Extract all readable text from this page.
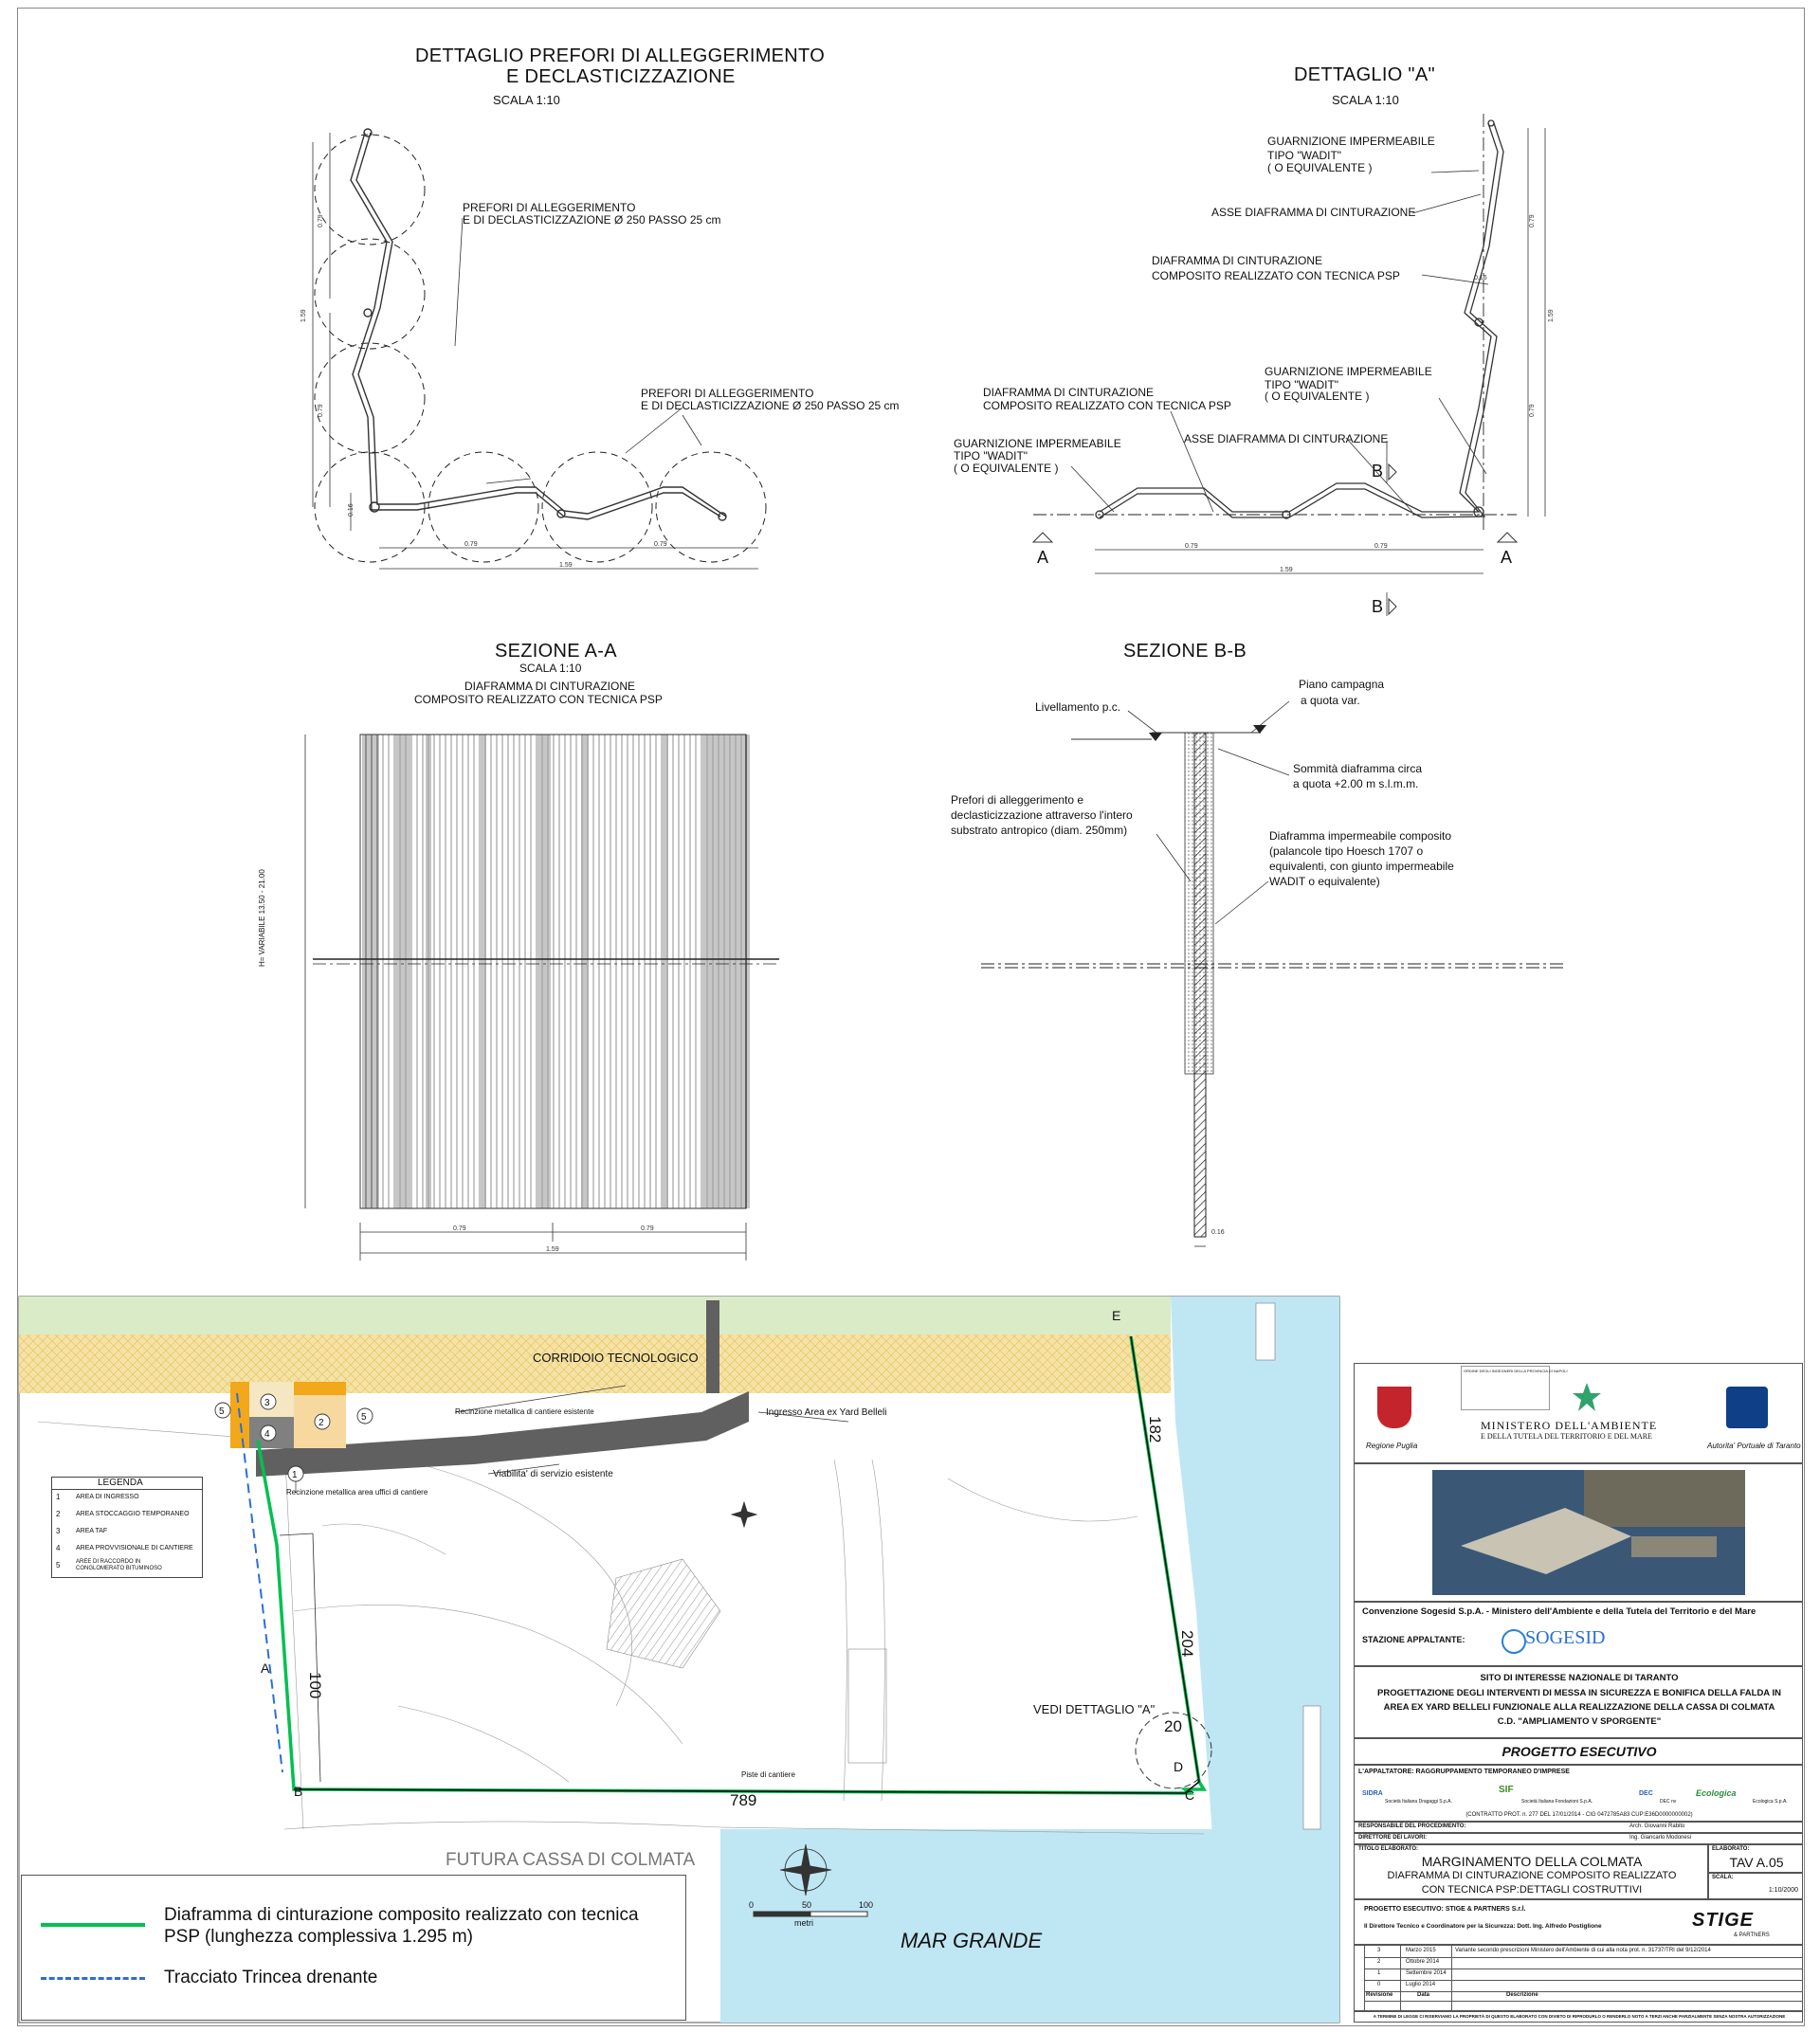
DETTAGLIO PREFORI DI ALLEGGERIMENTO
E DECLASTICIZZAZIONE
SCALA 1:10
PREFORI DI ALLEGGERIMENTO
E DI DECLASTICIZZAZIONE Ø 250 PASSO 25 cm
PREFORI DI ALLEGGERIMENTO
E DI DECLASTICIZZAZIONE Ø 250 PASSO 25 cm
0.79
1.59
0.79
0.16
0.79	0.79
1.59
DETTAGLIO "A"
SCALA 1:10
GUARNIZIONE IMPERMEABILE
TIPO "WADIT"
( O EQUIVALENTE )
ASSE DIAFRAMMA DI CINTURAZIONE
DIAFRAMMA DI CINTURAZIONE
COMPOSITO REALIZZATO CON TECNICA PSP
GUARNIZIONE IMPERMEABILE
TIPO "WADIT"
( O EQUIVALENTE )
DIAFRAMMA DI CINTURAZIONE
COMPOSITO REALIZZATO CON TECNICA PSP
ASSE DIAFRAMMA DI CINTURAZIONE
GUARNIZIONE IMPERMEABILE
TIPO "WADIT"
( O EQUIVALENTE )
A	A
B
B
0.79	0.79
1.59
0.79
0.16
1.59
0.79
SEZIONE A-A
SCALA 1:10
DIAFRAMMA DI CINTURAZIONE
COMPOSITO REALIZZATO CON TECNICA PSP
H= VARIABILE 13.50 - 21.00
0.79	0.79
1.59
SEZIONE B-B
Livellamento p.c.
Piano campagna
a quota var.
Sommità diaframma circa
a quota +2.00 m s.l.m.m.
Prefori di alleggerimento e
declasticizzazione attraverso l'intero
substrato antropico (diam. 250mm)	Diaframma impermeabile composito
(palancole tipo Hoesch 1707 o
equivalenti, con giunto impermeabile
WADIT o equivalente)
0.16
1
2
3
4
5
5
CORRIDOIO TECNOLOGICO
Recinzione metallica di cantiere esistente	Ingresso Area ex Yard Belleli
Viabilita' di servizio esistente
Recinzione metallica area uffici di cantiere
Piste di cantiere
VEDI DETTAGLIO "A"
FUTURA CASSA DI COLMATA
MAR GRANDE
0	50	100
metri
A
B	C
D
E
182
204
20
100
789
LEGENDA
1 AREA DI INGRESSO
2 AREA STOCCAGGIO TEMPORANEO
3 AREA TAF
4 AREA PROVVISIONALE DI CANTIERE
5	AREE DI RACCORDO IN CONGLOMERATO BITUMINOSO
Diaframma di cinturazione composito realizzato con tecnica
PSP (lunghezza complessiva 1.295 m)
Tracciato Trincea drenante
Regione Puglia
ORDINE DEGLI INGEGNERI DELLA PROVINCIA DI NAPOLI
MINISTERO DELL'AMBIENTE
E DELLA TUTELA DEL TERRITORIO E DEL MARE
Autorita' Portuale di Taranto
Convenzione Sogesid S.p.A. - Ministero dell'Ambiente e della Tutela del Territorio e del Mare
STAZIONE APPALTANTE:	SOGESID
SITO DI INTERESSE NAZIONALE DI TARANTO
PROGETTAZIONE DEGLI INTERVENTI DI MESSA IN SICUREZZA E BONIFICA DELLA FALDA IN
AREA EX YARD BELLELI FUNZIONALE ALLA REALIZZAZIONE DELLA CASSA DI COLMATA
C.D. "AMPLIAMENTO V SPORGENTE"
PROGETTO ESECUTIVO
L'APPALTATORE: RAGGRUPPAMENTO TEMPORANEO D'IMPRESE
SIDRA
Società Italiana Dragaggi S.p.A.
SIF
Società Italiana Fondazioni S.p.A.
DEC
DEC nv
Ecologica
Ecologica S.p.A.
(CONTRATTO PROT. n. 277 DEL 17/01/2014 - CIG 0472785A83 CUP:E36D0000000002)
RESPONSABILE DEL PROCEDIMENTO:	Arch. Giovanni Rabito
DIRETTORE DEI LAVORI:	Ing. Giancarlo Modonesi
TITOLO ELABORATO:
MARGINAMENTO DELLA COLMATA
DIAFRAMMA DI CINTURAZIONE COMPOSITO REALIZZATO
CON TECNICA PSP:DETTAGLI COSTRUTTIVI
ELABORATO:
TAV A.05
SCALA:
1:10/2000
PROGETTO ESECUTIVO: STIGE & PARTNERS S.r.l.
Il Direttore Tecnico e Coordinatore per la Sicurezza: Dott. Ing. Alfredo Postiglione	STIGE
& PARTNERS
3	Marzo 2015	Variante secondo prescrizioni Ministero dell'Ambiente di cui alla nota prot. n. 31737/TRI del 9/12/2014
2	Ottobre 2014
1	Settembre 2014
0	Luglio 2014
Revisione	Data	Descrizione
A TERMINE DI LEGGE CI RISERVIAMO LA PROPRIETÀ DI QUESTO ELABORATO CON DIVIETO DI RIPRODURLO O RENDERLO NOTO A TERZI ANCHE PARZIALMENTE SENZA NOSTRA AUTORIZZAZIONE
